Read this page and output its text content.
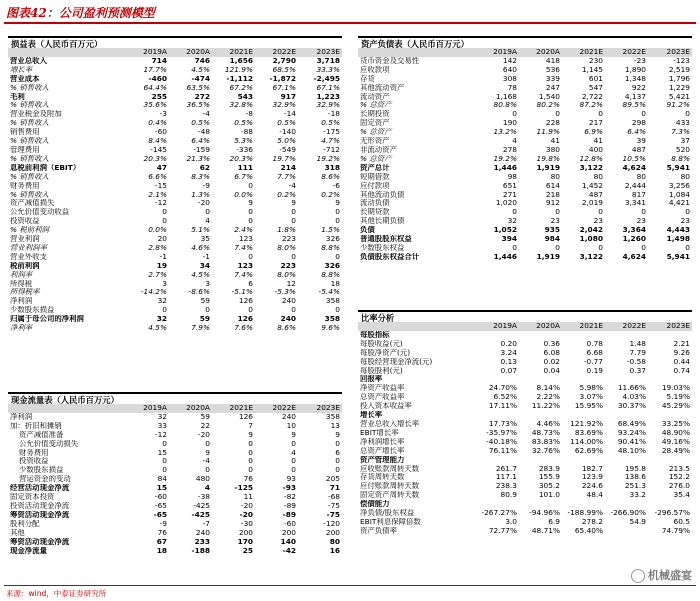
图表42：公司盈利预测模型
损益表（人民币百万元）
	2019A	2020A	2021E	2022E	2023E
营业总收入	714	746	1,656	2,790	3,718
增长率	17.7%	4.5%	121.9%	68.5%	33.3%
营业成本	-460	-474	-1,112	-1,872	-2,495
% 销售收入	64.4%	63.5%	67.2%	67.1%	67.1%
毛利	255	272	543	917	1,223
% 销售收入	35.6%	36.5%	32.8%	32.9%	32.9%
营业税金及附加	-3	-4	-8	-14	-18
% 销售收入	0.4%	0.5%	0.5%	0.5%	0.5%
销售费用	-60	-48	-88	-140	-175
% 销售收入	8.4%	6.4%	5.3%	5.0%	4.7%
管理费用	-145	-159	-336	-549	-712
% 销售收入	20.3%	21.3%	20.3%	19.7%	19.2%
息税前利润（EBIT）	47	62	111	214	318
% 销售收入	6.6%	8.3%	6.7%	7.7%	8.6%
财务费用	-15	-9	0	-4	-6
% 销售收入	2.1%	1.3%	0.0%	0.2%	0.2%
资产减值损失	-12	-20	9	9	9
公允价值变动收益	0	0	0	0	0
投资收益	0	4	0	0	0
% 税前利润	0.0%	5.1%	2.4%	1.8%	1.5%
营业利润	20	35	123	223	326
营业利润率	2.8%	4.6%	7.4%	8.0%	8.8%
营业外收支	-1	-1	0	0	0
税前利润	19	34	123	223	326
利润率	2.7%	4.5%	7.4%	8.0%	8.8%
所得税	3	3	6	12	18
所得税率	-14.2%	-8.6%	-5.1%	-5.3%	-5.4%
净利润	32	59	126	240	358
少数股东损益	0	0	0	0	0
归属于母公司的净利润	32	59	126	240	358
净利率	4.5%	7.9%	7.6%	8.6%	9.6%
现金流量表（人民币百万元）
	2019A	2020A	2021E	2022E	2023E
净利润	32	59	126	240	358
加：折旧和摊销	33	22	7	10	13
资产减值准备	-12	-20	9	9	9
公允价值变动损失	0	0	0	0	0
财务费用	15	9	0	4	6
投资收益	0	-4	0	0	0
少数股东损益	0	0	0	0	0
营运资金的变动	84	480	76	93	205
经营活动现金净流	15	4	-125	-93	71
固定资本投资	-60	-38	11	-82	-68
投资活动现金净流	-65	-425	-20	-89	-75
筹资活动现金净流	-65	-425	-20	-89	-75
股利分配	-9	-7	-30	-60	-120
其他	76	240	200	200	200
筹资活动现金净流	67	233	170	140	80
现金净流量	18	-188	25	-42	16
资产负债表（人民币百万元）
	2019A	2020A	2021E	2022E	2023E
货币资金及交易性	142	418	230	-23	-123
应收款项	640	536	1,145	1,890	2,519
存货	308	339	601	1,348	1,796
其他流动资产	78	247	547	922	1,229
流动资产	1,168	1,540	2,722	4,137	5,421
% 总资产	80.8%	80.2%	87.2%	89.5%	91.2%
长期投资	0	0	0	0	0
固定资产	190	228	217	298	433
% 总资产	13.2%	11.9%	6.9%	6.4%	7.3%
无形资产	4	41	41	39	37
非流动资产	278	380	400	487	520
% 总资产	19.2%	19.8%	12.8%	10.5%	8.8%
资产总计	1,446	1,919	3,122	4,624	5,941
短期借款	98	80	80	80	80
应付款项	651	614	1,452	2,444	3,256
其他流动负债	271	218	487	817	1,084
流动负债	1,020	912	2,019	3,341	4,421
长期贷款	0	0	0	0	0
其他长期负债	32	23	23	23	23
负债	1,052	935	2,042	3,364	4,443
普通股股东权益	394	984	1,080	1,260	1,498
少数股东权益	0	0	0	0	0
负债股东权益合计	1,446	1,919	3,122	4,624	5,941
比率分析
	2019A	2020A	2021E	2022E	2023E
每股指标					
每股收益(元)	0.20	0.36	0.78	1.48	2.21
每股净资产(元)	3.24	6.08	6.68	7.79	9.26
每股经营现金净流(元)	0.13	0.02	-0.77	-0.58	0.44
每股股利(元)	0.07	0.04	0.19	0.37	0.74
回报率					
净资产收益率	24.70%	8.14%	5.98%	11.66%	19.03%
总资产收益率	6.52%	2.22%	3.07%	4.03%	5.19%
投入资本收益率	17.11%	11.22%	15.95%	30.37%	45.29%
增长率					
营业总收入增长率	17.73%	4.46%	121.92%	68.49%	33.25%
EBIT增长率	-35.97%	48.73%	83.69%	93.24%	48.90%
净利润增长率	-40.18%	83.83%	114.00%	90.41%	49.16%
总资产增长率	76.11%	32.76%	62.69%	48.10%	28.49%
资产管理能力					
应收账款周转天数	261.7	283.9	182.7	195.8	213.5
存货周转天数	117.1	155.9	123.9	138.6	152.2
应付账款周转天数	238.3	305.2	224.6	251.3	276.0
固定资产周转天数	80.9	101.0	48.4	33.2	35.4
偿债能力					
净负债/股东权益	-267.27%	-94.96%	-188.99%	-266.90%	-296.57%
EBIT利息保障倍数	3.0	6.9	278.2	54.9	60.5
资产负债率	72.77%	48.71%	65.40%		74.79%
机械盛宴
来源：wind，中泰证券研究所
